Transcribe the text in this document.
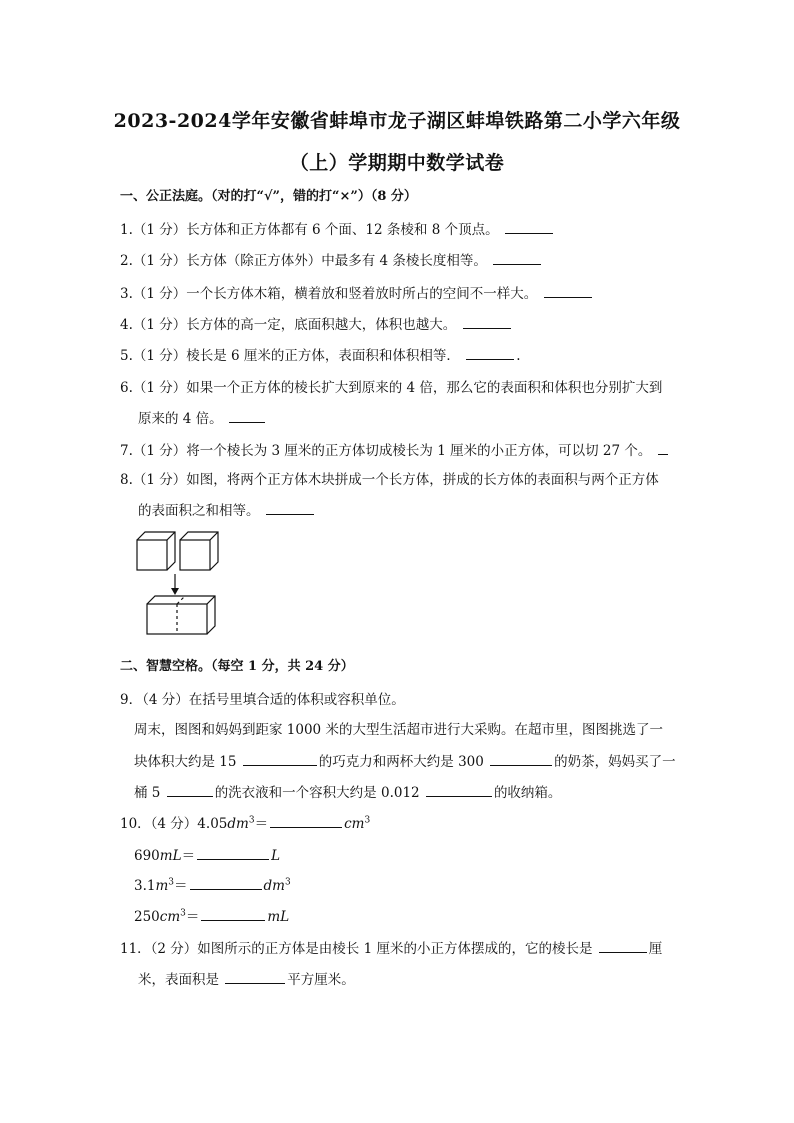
2023-2024学年安徽省蚌埠市龙子湖区蚌埠铁路第二小学六年级
（上）学期期中数学试卷
一、公正法庭。（对的打“√”，错的打“×”）（8 分）
1.（1 分）长方体和正方体都有 6 个面、12 条棱和 8 个顶点。
2.（1 分）长方体（除正方体外）中最多有 4 条棱长度相等。
3.（1 分）一个长方体木箱，横着放和竖着放时所占的空间不一样大。
4.（1 分）长方体的高一定，底面积越大，体积也越大。
5.（1 分）棱长是 6 厘米的正方体，表面积和体积相等．	.
6.（1 分）如果一个正方体的棱长扩大到原来的 4 倍，那么它的表面积和体积也分别扩大到
原来的 4 倍。
7.（1 分）将一个棱长为 3 厘米的正方体切成棱长为 1 厘米的小正方体，可以切 27 个。
8.（1 分）如图，将两个正方体木块拼成一个长方体，拼成的长方体的表面积与两个正方体
的表面积之和相等。
二、智慧空格。（每空 1 分，共 24 分）
9．（4 分）在括号里填合适的体积或容积单位。
周末，图图和妈妈到距家 1000 米的大型生活超市进行大采购。在超市里，图图挑选了一
块体积大约是 15	的巧克力和两杯大约是 300	的奶茶，妈妈买了一
桶 5	的洗衣液和一个容积大约是 0.012	的收纳箱。
10．（4 分）$4.05dm^3=$	$cm^3$
690mL＝	L
$3.1m^3=$	$dm^3$
$250cm^3=$	mL
11．（2 分）如图所示的正方体是由棱长 1 厘米的小正方体摆成的，它的棱长是	厘
米，表面积是	平方厘米。
